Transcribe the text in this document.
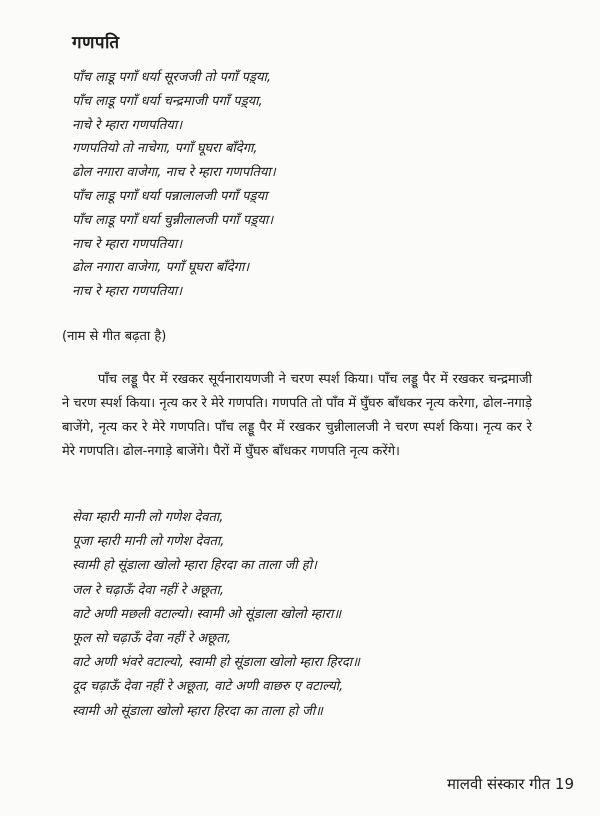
गणपति
पाँच लाडू पगाँ धर्या सूरजजी तो पगाँ पड़्या,
पाँच लाडू पगाँ धर्या चन्द्रमाजी पगाँ पड़्या,
नाचे रे म्हारा गणपतिया।
गणपतियो तो नाचेगा, पगाँ घूघरा बाँदेगा,
ढोल नगारा वाजेगा, नाच रे म्हारा गणपतिया।
पाँच लाडू पगाँ धर्या पन्नालालजी पगाँ पड़्या
पाँच लाडू पगाँ धर्या चुन्नीलालजी पगाँ पड़्या।
नाच रे म्हारा गणपतिया।
ढोल नगारा वाजेगा, पगाँ घूघरा बाँदेगा।
नाच रे म्हारा गणपतिया।
(नाम से गीत बढ़ता है)
पाँच लड्डू पैर में रखकर सूर्यनारायणजी ने चरण स्पर्श किया। पाँच लड्डू पैर में रखकर चन्द्रमाजी ने चरण स्पर्श किया। नृत्य कर रे मेरे गणपति। गणपति तो पाँव में घुँघरु बाँधकर नृत्य करेगा, ढोल-नगाड़े बाजेंगे, नृत्य कर रे मेरे गणपति। पाँच लड्डू पैर में रखकर चुन्नीलालजी ने चरण स्पर्श किया। नृत्य कर रे मेरे गणपति। ढोल-नगाड़े बाजेंगे। पैरों में घुँघरु बाँधकर गणपति नृत्य करेंगे।
सेवा म्हारी मानी लो गणेश देवता,
पूजा म्हारी मानी लो गणेश देवता,
स्वामी हो सूंडाला खोलो म्हारा हिरदा का ताला जी हो।
जल रे चढ़ाऊँ देवा नहीं रे अछूता,
वाटे अणी मछली वटाल्यो। स्वामी ओ सूंडाला खोलो म्हारा॥
फूल सो चढ़ाऊँ देवा नहीं रे अछूता,
वाटे अणी भंवरे वटाल्यो, स्वामी हो सूंडाला खोलो म्हारा हिरदा॥
दूद चढ़ाऊँ देवा नहीं रे अछूता, वाटे अणी वाछरु ए वटाल्यो,
स्वामी ओ सूंडाला खोलो म्हारा हिरदा का ताला हो जी॥
मालवी संस्कार गीत 19
